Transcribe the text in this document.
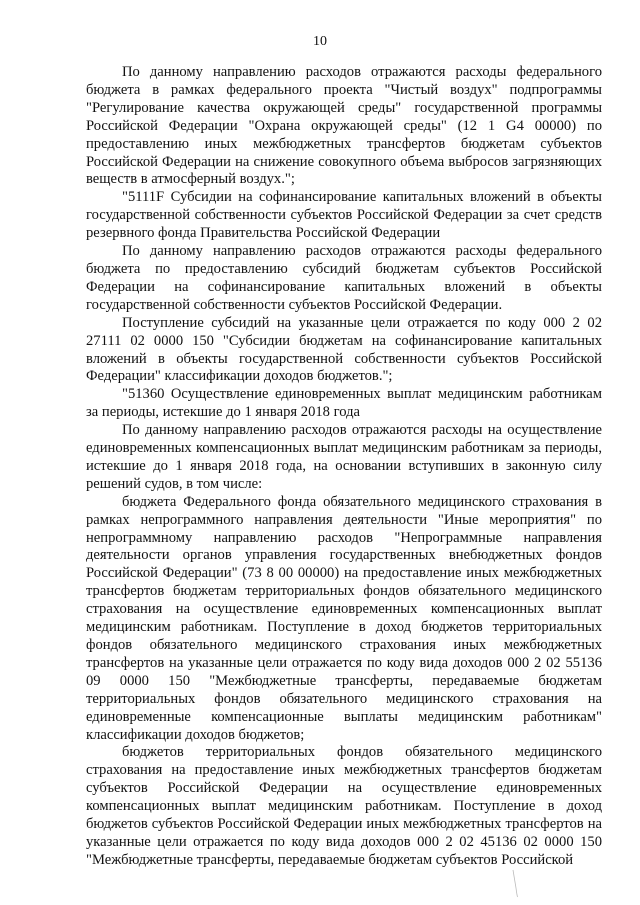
10

По данному направлению расходов отражаются расходы федерального бюджета в рамках федерального проекта "Чистый воздух" подпрограммы "Регулирование качества окружающей среды" государственной программы Российской Федерации "Охрана окружающей среды" (12 1 G4 00000) по предоставлению иных межбюджетных трансфертов бюджетам субъектов Российской Федерации на снижение совокупного объема выбросов загрязняющих веществ в атмосферный воздух.";

"5111F Субсидии на софинансирование капитальных вложений в объекты государственной собственности субъектов Российской Федерации за счет средств резервного фонда Правительства Российской Федерации

По данному направлению расходов отражаются расходы федерального бюджета по предоставлению субсидий бюджетам субъектов Российской Федерации на софинансирование капитальных вложений в объекты государственной собственности субъектов Российской Федерации.

Поступление субсидий на указанные цели отражается по коду 000 2 02 27111 02 0000 150 "Субсидии бюджетам на софинансирование капитальных вложений в объекты государственной собственности субъектов Российской Федерации" классификации доходов бюджетов.";

"51360 Осуществление единовременных выплат медицинским работникам за периоды, истекшие до 1 января 2018 года

По данному направлению расходов отражаются расходы на осуществление единовременных компенсационных выплат медицинским работникам за периоды, истекшие до 1 января 2018 года, на основании вступивших в законную силу решений судов, в том числе:

бюджета Федерального фонда обязательного медицинского страхования в рамках непрограммного направления деятельности "Иные мероприятия" по непрограммному направлению расходов "Непрограммные направления деятельности органов управления государственных внебюджетных фондов Российской Федерации" (73 8 00 00000) на предоставление иных межбюджетных трансфертов бюджетам территориальных фондов обязательного медицинского страхования на осуществление единовременных компенсационных выплат медицинским работникам. Поступление в доход бюджетов территориальных фондов обязательного медицинского страхования иных межбюджетных трансфертов на указанные цели отражается по коду вида доходов 000 2 02 55136 09 0000 150 "Межбюджетные трансферты, передаваемые бюджетам территориальных фондов обязательного медицинского страхования на единовременные компенсационные выплаты медицинским работникам" классификации доходов бюджетов;

бюджетов территориальных фондов обязательного медицинского страхования на предоставление иных межбюджетных трансфертов бюджетам субъектов Российской Федерации на осуществление единовременных компенсационных выплат медицинским работникам. Поступление в доход бюджетов субъектов Российской Федерации иных межбюджетных трансфертов на указанные цели отражается по коду вида доходов 000 2 02 45136 02 0000 150 "Межбюджетные трансферты, передаваемые бюджетам субъектов Российской
